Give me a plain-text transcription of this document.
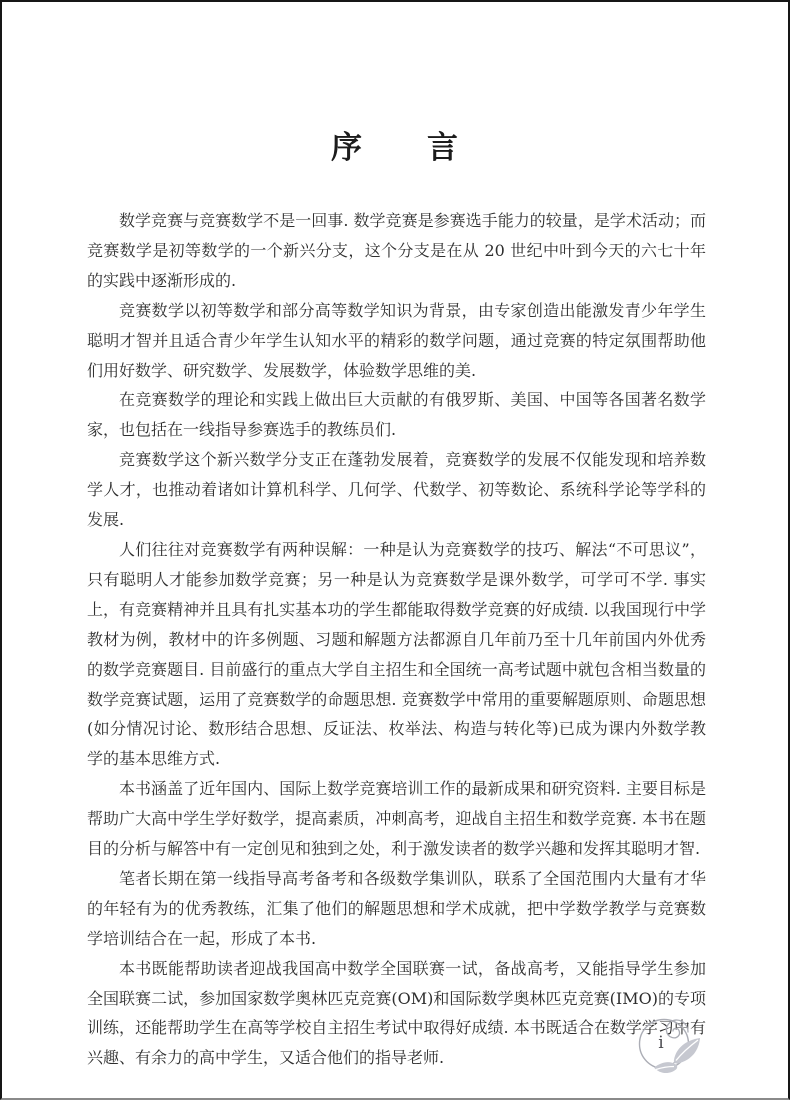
序　　言

数学竞赛与竞赛数学不是一回事. 数学竞赛是参赛选手能力的较量，是学术活动；而竞赛数学是初等数学的一个新兴分支，这个分支是在从 20 世纪中叶到今天的六七十年的实践中逐渐形成的.

竞赛数学以初等数学和部分高等数学知识为背景，由专家创造出能激发青少年学生聪明才智并且适合青少年学生认知水平的精彩的数学问题，通过竞赛的特定氛围帮助他们用好数学、研究数学、发展数学，体验数学思维的美.

在竞赛数学的理论和实践上做出巨大贡献的有俄罗斯、美国、中国等各国著名数学家，也包括在一线指导参赛选手的教练员们.

竞赛数学这个新兴数学分支正在蓬勃发展着，竞赛数学的发展不仅能发现和培养数学人才，也推动着诸如计算机科学、几何学、代数学、初等数论、系统科学论等学科的发展.

人们往往对竞赛数学有两种误解：一种是认为竞赛数学的技巧、解法“不可思议”，只有聪明人才能参加数学竞赛；另一种是认为竞赛数学是课外数学，可学可不学. 事实上，有竞赛精神并且具有扎实基本功的学生都能取得数学竞赛的好成绩. 以我国现行中学教材为例，教材中的许多例题、习题和解题方法都源自几年前乃至十几年前国内外优秀的数学竞赛题目. 目前盛行的重点大学自主招生和全国统一高考试题中就包含相当数量的数学竞赛试题，运用了竞赛数学的命题思想. 竞赛数学中常用的重要解题原则、命题思想(如分情况讨论、数形结合思想、反证法、枚举法、构造与转化等)已成为课内外数学教学的基本思维方式.

本书涵盖了近年国内、国际上数学竞赛培训工作的最新成果和研究资料. 主要目标是帮助广大高中学生学好数学，提高素质，冲刺高考，迎战自主招生和数学竞赛. 本书在题目的分析与解答中有一定创见和独到之处，利于激发读者的数学兴趣和发挥其聪明才智.

笔者长期在第一线指导高考备考和各级数学集训队，联系了全国范围内大量有才华的年轻有为的优秀教练，汇集了他们的解题思想和学术成就，把中学数学教学与竞赛数学培训结合在一起，形成了本书.

本书既能帮助读者迎战我国高中数学全国联赛一试，备战高考，又能指导学生参加全国联赛二试，参加国家数学奥林匹克竞赛(OM)和国际数学奥林匹克竞赛(IMO)的专项训练，还能帮助学生在高等学校自主招生考试中取得好成绩. 本书既适合在数学学习中有兴趣、有余力的高中学生，又适合他们的指导老师.

i
